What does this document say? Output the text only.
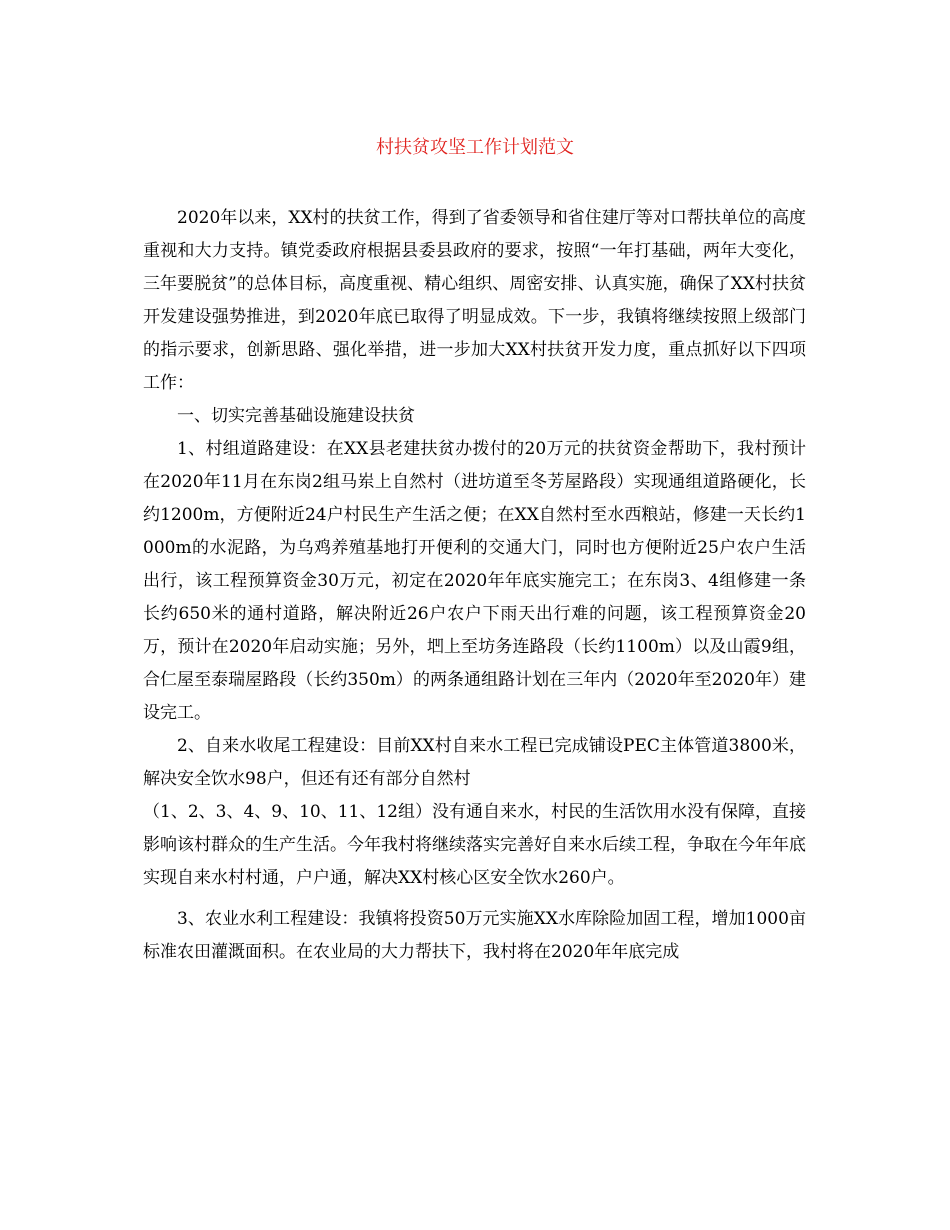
村扶贫攻坚工作计划范文

2020年以来，XX村的扶贫工作，得到了省委领导和省住建厅等对口帮扶单位的高度重视和大力支持。镇党委政府根据县委县政府的要求，按照“一年打基础，两年大变化，三年要脱贫”的总体目标，高度重视、精心组织、周密安排、认真实施，确保了XX村扶贫开发建设强势推进，到2020年底已取得了明显成效。下一步，我镇将继续按照上级部门的指示要求，创新思路、强化举措，进一步加大XX村扶贫开发力度，重点抓好以下四项工作：

一、切实完善基础设施建设扶贫

1、村组道路建设：在XX县老建扶贫办拨付的20万元的扶贫资金帮助下，我村预计在2020年11月在东岗2组马岽上自然村（进坊道至冬芳屋路段）实现通组道路硬化，长约1200m，方便附近24户村民生产生活之便；在XX自然村至水西粮站，修建一天长约1000m的水泥路，为乌鸡养殖基地打开便利的交通大门，同时也方便附近25户农户生活出行，该工程预算资金30万元，初定在2020年年底实施完工；在东岗3、4组修建一条长约650米的通村道路，解决附近26户农户下雨天出行难的问题，该工程预算资金20万，预计在2020年启动实施；另外，垇上至坊务连路段（长约1100m）以及山霞9组，合仁屋至泰瑞屋路段（长约350m）的两条通组路计划在三年内（2020年至2020年）建设完工。

2、自来水收尾工程建设：目前XX村自来水工程已完成铺设PEC主体管道3800米，解决安全饮水98户，但还有还有部分自然村

（1、2、3、4、9、10、11、12组）没有通自来水，村民的生活饮用水没有保障，直接影响该村群众的生产生活。今年我村将继续落实完善好自来水后续工程，争取在今年年底实现自来水村村通，户户通，解决XX村核心区安全饮水260户。

3、农业水利工程建设：我镇将投资50万元实施XX水库除险加固工程，增加1000亩标准农田灌溉面积。在农业局的大力帮扶下，我村将在2020年年底完成
